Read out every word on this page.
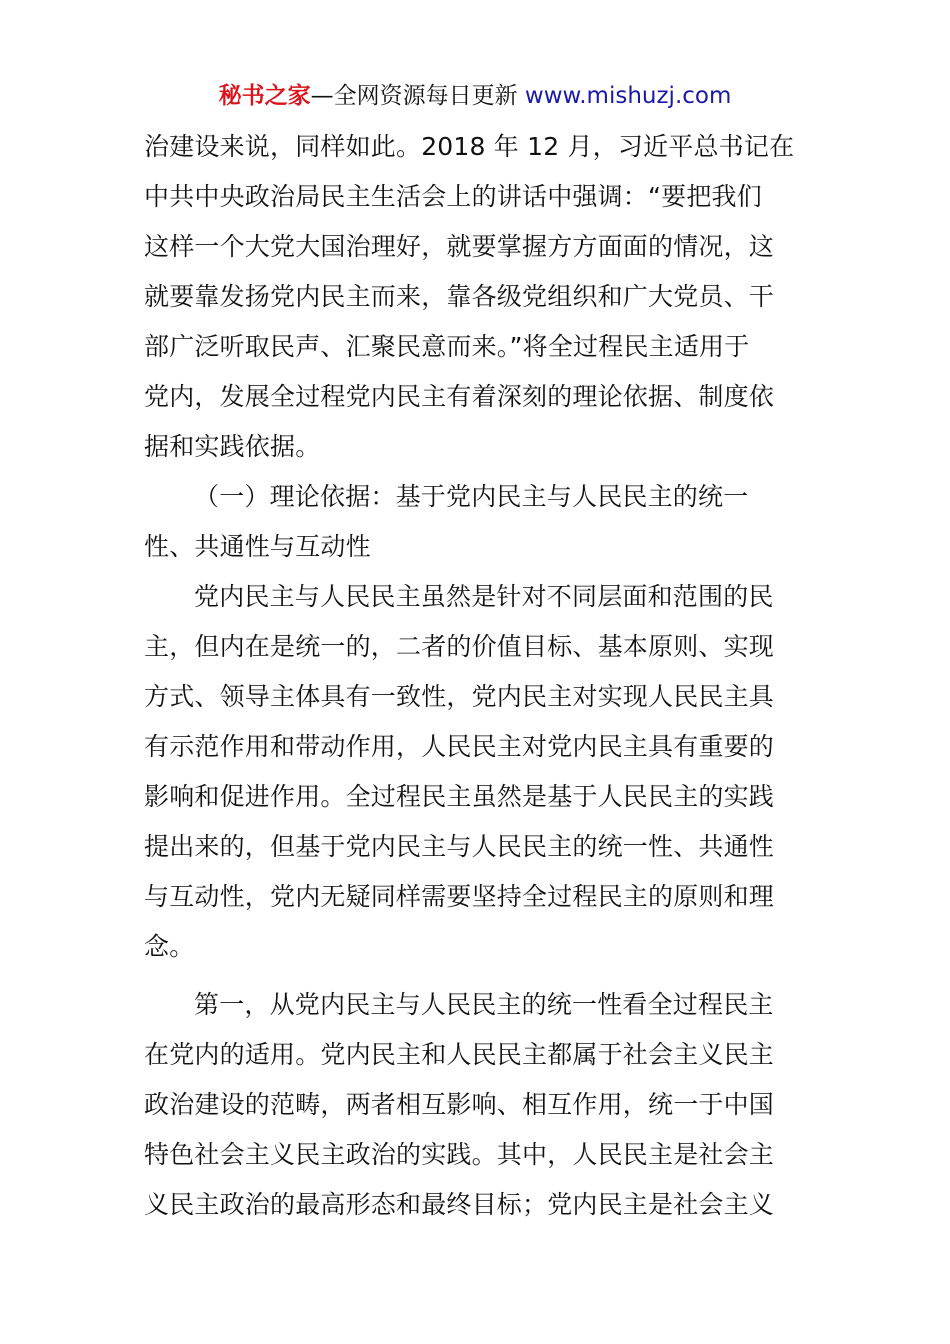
秘书之家—全网资源每日更新 www.mishuzj.com
治建设来说，同样如此。2018 年 12 月，习近平总书记在
中共中央政治局民主生活会上的讲话中强调：“要把我们
这样一个大党大国治理好，就要掌握方方面面的情况，这
就要靠发扬党内民主而来，靠各级党组织和广大党员、干
部广泛听取民声、汇聚民意而来。”将全过程民主适用于
党内，发展全过程党内民主有着深刻的理论依据、制度依
据和实践依据。
（一）理论依据：基于党内民主与人民民主的统一
性、共通性与互动性
党内民主与人民民主虽然是针对不同层面和范围的民
主，但内在是统一的，二者的价值目标、基本原则、实现
方式、领导主体具有一致性，党内民主对实现人民民主具
有示范作用和带动作用，人民民主对党内民主具有重要的
影响和促进作用。全过程民主虽然是基于人民民主的实践
提出来的，但基于党内民主与人民民主的统一性、共通性
与互动性，党内无疑同样需要坚持全过程民主的原则和理
念。
第一，从党内民主与人民民主的统一性看全过程民主
在党内的适用。党内民主和人民民主都属于社会主义民主
政治建设的范畴，两者相互影响、相互作用，统一于中国
特色社会主义民主政治的实践。其中，人民民主是社会主
义民主政治的最高形态和最终目标；党内民主是社会主义
